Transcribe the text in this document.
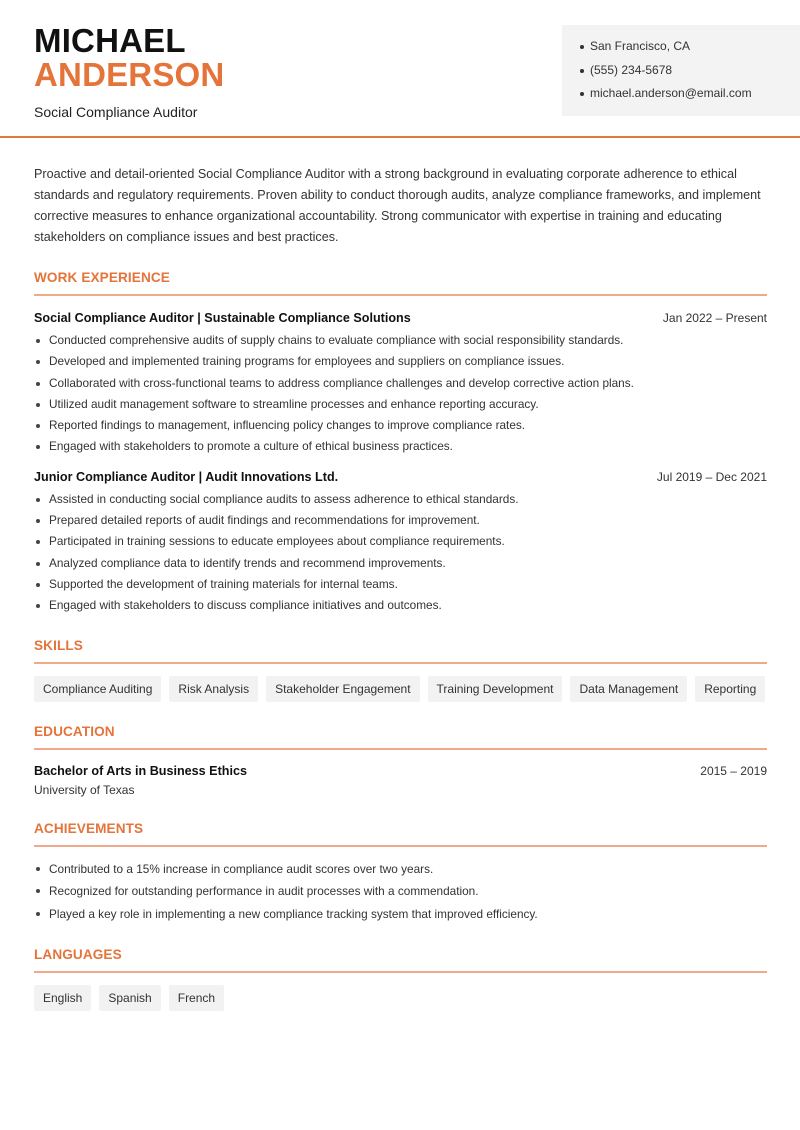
MICHAEL
ANDERSON
Social Compliance Auditor
San Francisco, CA
(555) 234-5678
michael.anderson@email.com

Proactive and detail-oriented Social Compliance Auditor with a strong background in evaluating corporate adherence to ethical standards and regulatory requirements. Proven ability to conduct thorough audits, analyze compliance frameworks, and implement corrective measures to enhance organizational accountability. Strong communicator with expertise in training and educating stakeholders on compliance issues and best practices.

WORK EXPERIENCE
Social Compliance Auditor | Sustainable Compliance Solutions	Jan 2022 – Present
Conducted comprehensive audits of supply chains to evaluate compliance with social responsibility standards.
Developed and implemented training programs for employees and suppliers on compliance issues.
Collaborated with cross-functional teams to address compliance challenges and develop corrective action plans.
Utilized audit management software to streamline processes and enhance reporting accuracy.
Reported findings to management, influencing policy changes to improve compliance rates.
Engaged with stakeholders to promote a culture of ethical business practices.
Junior Compliance Auditor | Audit Innovations Ltd.	Jul 2019 – Dec 2021
Assisted in conducting social compliance audits to assess adherence to ethical standards.
Prepared detailed reports of audit findings and recommendations for improvement.
Participated in training sessions to educate employees about compliance requirements.
Analyzed compliance data to identify trends and recommend improvements.
Supported the development of training materials for internal teams.
Engaged with stakeholders to discuss compliance initiatives and outcomes.
SKILLS
Compliance Auditing	Risk Analysis	Stakeholder Engagement	Training Development	Data Management	Reporting
EDUCATION
Bachelor of Arts in Business Ethics	2015 – 2019
University of Texas
ACHIEVEMENTS
Contributed to a 15% increase in compliance audit scores over two years.
Recognized for outstanding performance in audit processes with a commendation.
Played a key role in implementing a new compliance tracking system that improved efficiency.
LANGUAGES
English	Spanish	French
